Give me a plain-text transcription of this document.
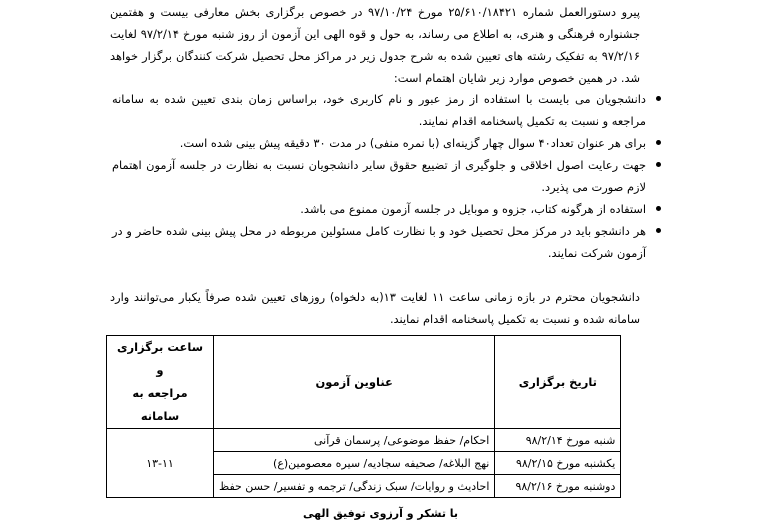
پیرو دستورالعمل شماره ۲۵/۶۱۰/۱۸۴۲۱ مورخ ۹۷/۱۰/۲۴ در خصوص برگزاری بخش معارفی بیست و هفتمین جشنواره فرهنگی و هنری، به اطلاع می رساند، به حول و قوه الهی این آزمون از روز شنبه مورخ ۹۷/۲/۱۴ لغایت ۹۷/۲/۱۶ به تفکیک رشته های تعیین شده به شرح جدول زیر در مراکز محل تحصیل شرکت کنندگان برگزار خواهد شد. در همین خصوص موارد زیر شایان اهتمام است:
دانشجویان می بایست با استفاده از رمز عبور و نام کاربری خود، براساس زمان بندی تعیین شده به سامانه مراجعه و نسبت به تکمیل پاسخنامه اقدام نمایند.
برای هر عنوان تعداد۴۰ سوال چهار گزینه‌ای (با نمره منفی) در مدت ۳۰ دقیقه پیش بینی شده است.
جهت رعایت اصول اخلاقی و جلوگیری از تضییع حقوق سایر دانشجویان نسبت به نظارت در جلسه آزمون اهتمام لازم صورت می پذیرد.
استفاده از هرگونه کتاب، جزوه و موبایل در جلسه آزمون ممنوع می باشد.
هر دانشجو باید در مرکز محل تحصیل خود و با نظارت کامل مسئولین مربوطه در محل پیش بینی شده حاضر و در آزمون شرکت نمایند.
دانشجویان محترم در بازه زمانی ساعت ۱۱ لغایت ۱۳(به دلخواه) روزهای تعیین شده صرفاً یکبار می‌توانند وارد سامانه شده و نسبت به تکمیل پاسخنامه اقدام نمایند.
تاریخ برگزاری	عناوین آزمون	ساعت برگزاری و
مراجعه به سامانه
شنبه مورخ ۹۸/۲/۱۴	احکام/ حفظ موضوعی/ پرسمان قرآنی	۱۳-۱۱
یکشنبه مورخ ۹۸/۲/۱۵	نهج البلاغه/ صحیفه سجادیه/ سیره معصومین(ع)	
دوشنبه مورخ ۹۸/۲/۱۶	احادیث و روایات/ سبک زندگی/ ترجمه و تفسیر/ حسن حفظ	
با تشکر و آرزوی توفیق الهی
